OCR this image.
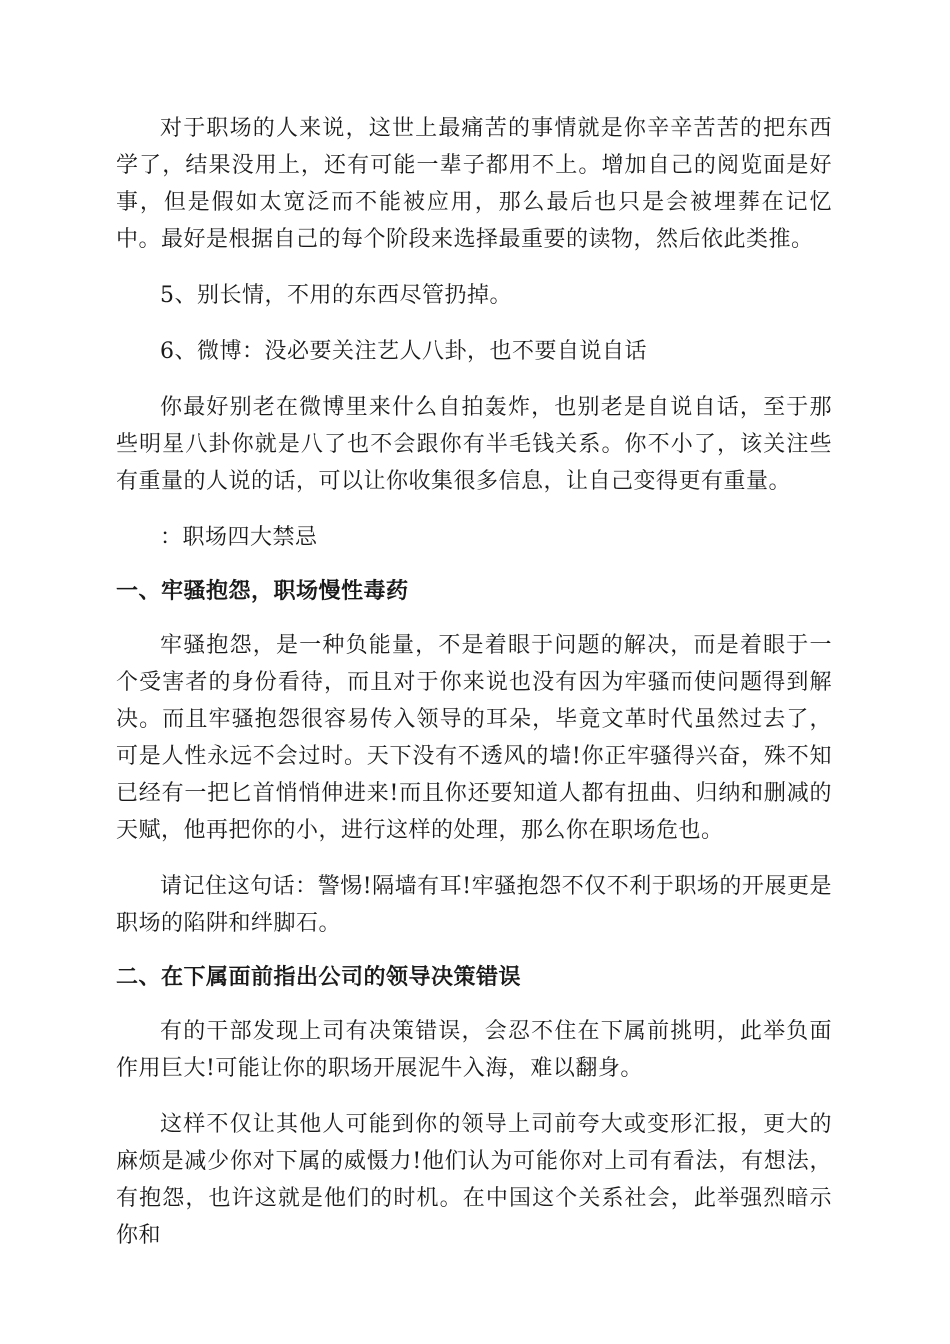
对于职场的人来说，这世上最痛苦的事情就是你辛辛苦苦的把东西学了，结果没用上，还有可能一辈子都用不上。增加自己的阅览面是好事，但是假如太宽泛而不能被应用，那么最后也只是会被埋葬在记忆中。最好是根据自己的每个阶段来选择最重要的读物，然后依此类推。

5、别长情，不用的东西尽管扔掉。

6、微博：没必要关注艺人八卦，也不要自说自话

你最好别老在微博里来什么自拍轰炸，也别老是自说自话，至于那些明星八卦你就是八了也不会跟你有半毛钱关系。你不小了，该关注些有重量的人说的话，可以让你收集很多信息，让自己变得更有重量。

：职场四大禁忌

一、牢骚抱怨，职场慢性毒药

牢骚抱怨，是一种负能量，不是着眼于问题的解决，而是着眼于一个受害者的身份看待，而且对于你来说也没有因为牢骚而使问题得到解决。而且牢骚抱怨很容易传入领导的耳朵，毕竟文革时代虽然过去了，可是人性永远不会过时。天下没有不透风的墙!你正牢骚得兴奋，殊不知已经有一把匕首悄悄伸进来!而且你还要知道人都有扭曲、归纳和删减的天赋，他再把你的小，进行这样的处理，那么你在职场危也。

请记住这句话：警惕!隔墙有耳!牢骚抱怨不仅不利于职场的开展更是职场的陷阱和绊脚石。

二、在下属面前指出公司的领导决策错误

有的干部发现上司有决策错误，会忍不住在下属前挑明，此举负面作用巨大!可能让你的职场开展泥牛入海，难以翻身。

这样不仅让其他人可能到你的领导上司前夸大或变形汇报，更大的麻烦是减少你对下属的威慑力!他们认为可能你对上司有看法，有想法，有抱怨，也许这就是他们的时机。在中国这个关系社会，此举强烈暗示你和
